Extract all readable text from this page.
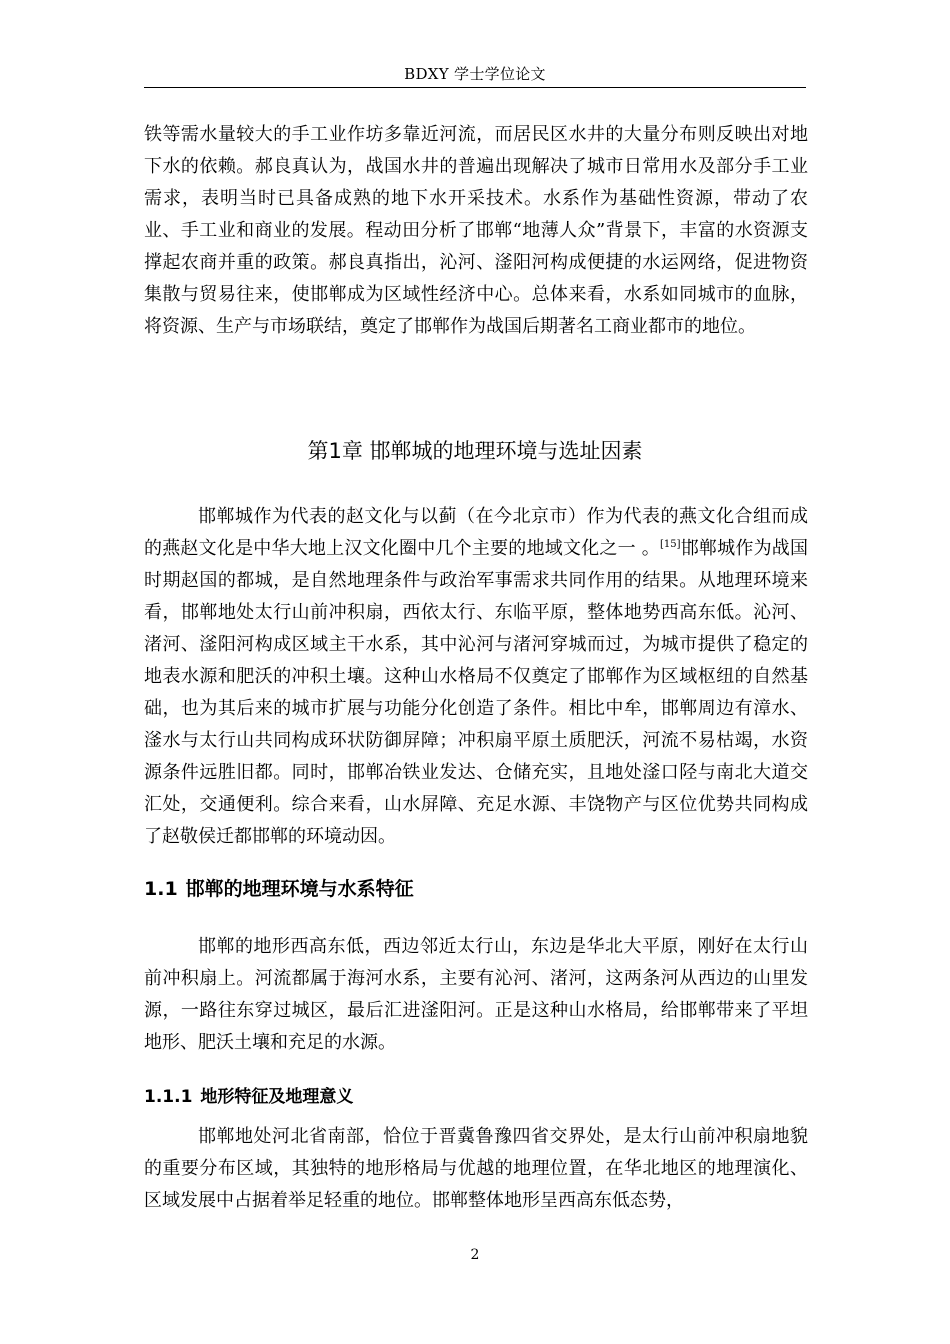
BDXY 学士学位论文

铁等需水量较大的手工业作坊多靠近河流，而居民区水井的大量分布则反映出对地下水的依赖。郝良真认为，战国水井的普遍出现解决了城市日常用水及部分手工业需求，表明当时已具备成熟的地下水开采技术。水系作为基础性资源，带动了农业、手工业和商业的发展。程动田分析了邯郸“地薄人众”背景下，丰富的水资源支撑起农商并重的政策。郝良真指出，沁河、滏阳河构成便捷的水运网络，促进物资集散与贸易往来，使邯郸成为区域性经济中心。总体来看，水系如同城市的血脉，将资源、生产与市场联结，奠定了邯郸作为战国后期著名工商业都市的地位。

第1章 邯郸城的地理环境与选址因素

邯郸城作为代表的赵文化与以蓟（在今北京市）作为代表的燕文化合组而成的燕赵文化是中华大地上汉文化圈中几个主要的地域文化之一 。[15]邯郸城作为战国时期赵国的都城，是自然地理条件与政治军事需求共同作用的结果。从地理环境来看，邯郸地处太行山前冲积扇，西依太行、东临平原，整体地势西高东低。沁河、渚河、滏阳河构成区域主干水系，其中沁河与渚河穿城而过，为城市提供了稳定的地表水源和肥沃的冲积土壤。这种山水格局不仅奠定了邯郸作为区域枢纽的自然基础，也为其后来的城市扩展与功能分化创造了条件。相比中牟，邯郸周边有漳水、滏水与太行山共同构成环状防御屏障；冲积扇平原土质肥沃，河流不易枯竭，水资源条件远胜旧都。同时，邯郸冶铁业发达、仓储充实，且地处滏口陉与南北大道交汇处，交通便利。综合来看，山水屏障、充足水源、丰饶物产与区位优势共同构成了赵敬侯迁都邯郸的环境动因。

1.1 邯郸的地理环境与水系特征

邯郸的地形西高东低，西边邻近太行山，东边是华北大平原，刚好在太行山前冲积扇上。河流都属于海河水系，主要有沁河、渚河，这两条河从西边的山里发源，一路往东穿过城区，最后汇进滏阳河。正是这种山水格局，给邯郸带来了平坦地形、肥沃土壤和充足的水源。

1.1.1 地形特征及地理意义

邯郸地处河北省南部，恰位于晋冀鲁豫四省交界处，是太行山前冲积扇地貌的重要分布区域，其独特的地形格局与优越的地理位置，在华北地区的地理演化、区域发展中占据着举足轻重的地位。邯郸整体地形呈西高东低态势，

2
